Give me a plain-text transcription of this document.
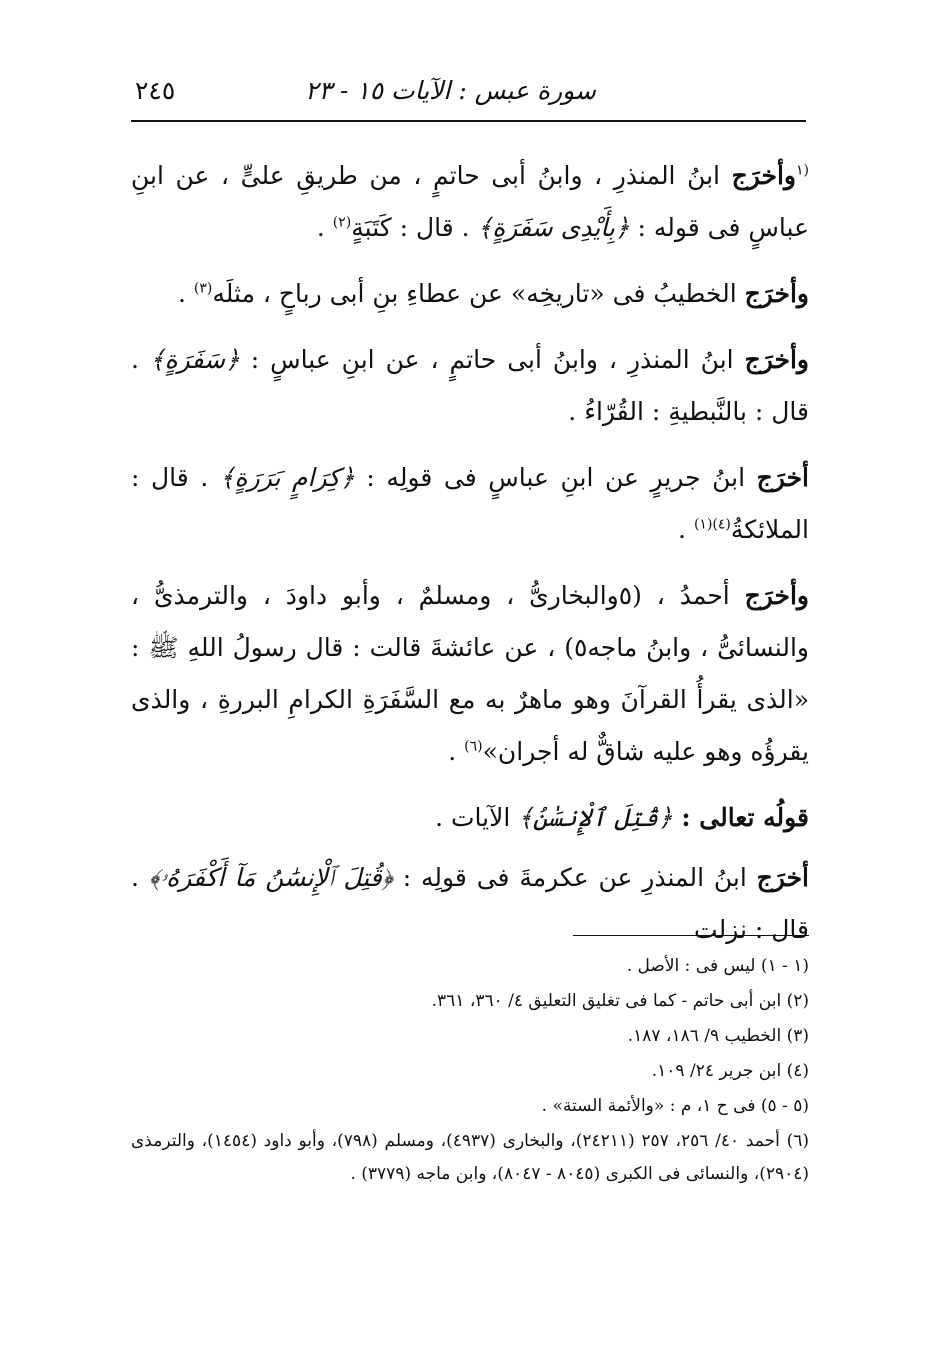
سورة عبس : الآيات ١٥ - ٢٣
٢٤٥

$^{(١}$وأخرَج ابنُ المنذرِ ، وابنُ أبى حاتمٍ ، من طريقِ علىٍّ ، عن ابنِ عباسٍ فى قوله : ﴿بِأَيْدِى سَفَرَةٍ﴾ . قال : كَتَبَةٍ$^{(٢)}$ .

وأخرَج الخطيبُ فى «تاريخِه» عن عطاءِ بنِ أبى رباحٍ ، مثلَه$^{(٣)}$ .

وأخرَج ابنُ المنذرِ ، وابنُ أبى حاتمٍ ، عن ابنِ عباسٍ : ﴿سَفَرَةٍ﴾ . قال : بالنَّبطيةِ : القُرّاءُ .

أخرَج ابنُ جريرٍ عن ابنِ عباسٍ فى قولِه : ﴿كِرَامٍ بَرَرَةٍ﴾ . قال : الملائكةُ$^{(٤)(١)}$ .

وأخرَج أحمدُ ، (٥والبخارىُّ ، ومسلمٌ ، وأبو داودَ ، والترمذىُّ ، والنسائىُّ ، وابنُ ماجه٥) ، عن عائشةَ قالت : قال رسولُ اللهِ ﷺ : «الذى يقرأُ القرآنَ وهو ماهرٌ به مع السَّفَرَةِ الكرامِ البررةِ ، والذى يقرؤُه وهو عليه شاقٌّ له أجران»$^{(٦)}$ .

قولُه تعالى : ﴿قُتِلَ ٱلْإِنسَٰنُ﴾ الآيات .

أخرَج ابنُ المنذرِ عن عكرمةَ فى قولِه : ﴿قُتِلَ ٱلْإِنسَٰنُ مَآ أَكْفَرَهُۥ﴾ . قال : نزلت

(١ - ١) ليس فى : الأصل .

(٢) ابن أبى حاتم - كما فى تغليق التعليق ٤/ ٣٦٠، ٣٦١.

(٣) الخطيب ٩/ ١٨٦، ١٨٧.

(٤) ابن جرير ٢٤/ ١٠٩.

(٥ - ٥) فى ح ١، م : «والأئمة الستة» .

(٦) أحمد ٤٠/ ٢٥٦، ٢٥٧ (٢٤٢١١)، والبخارى (٤٩٣٧)، ومسلم (٧٩٨)، وأبو داود (١٤٥٤)، والترمذى (٢٩٠٤)، والنسائى فى الكبرى (٨٠٤٥ - ٨٠٤٧)، وابن ماجه (٣٧٧٩) .
